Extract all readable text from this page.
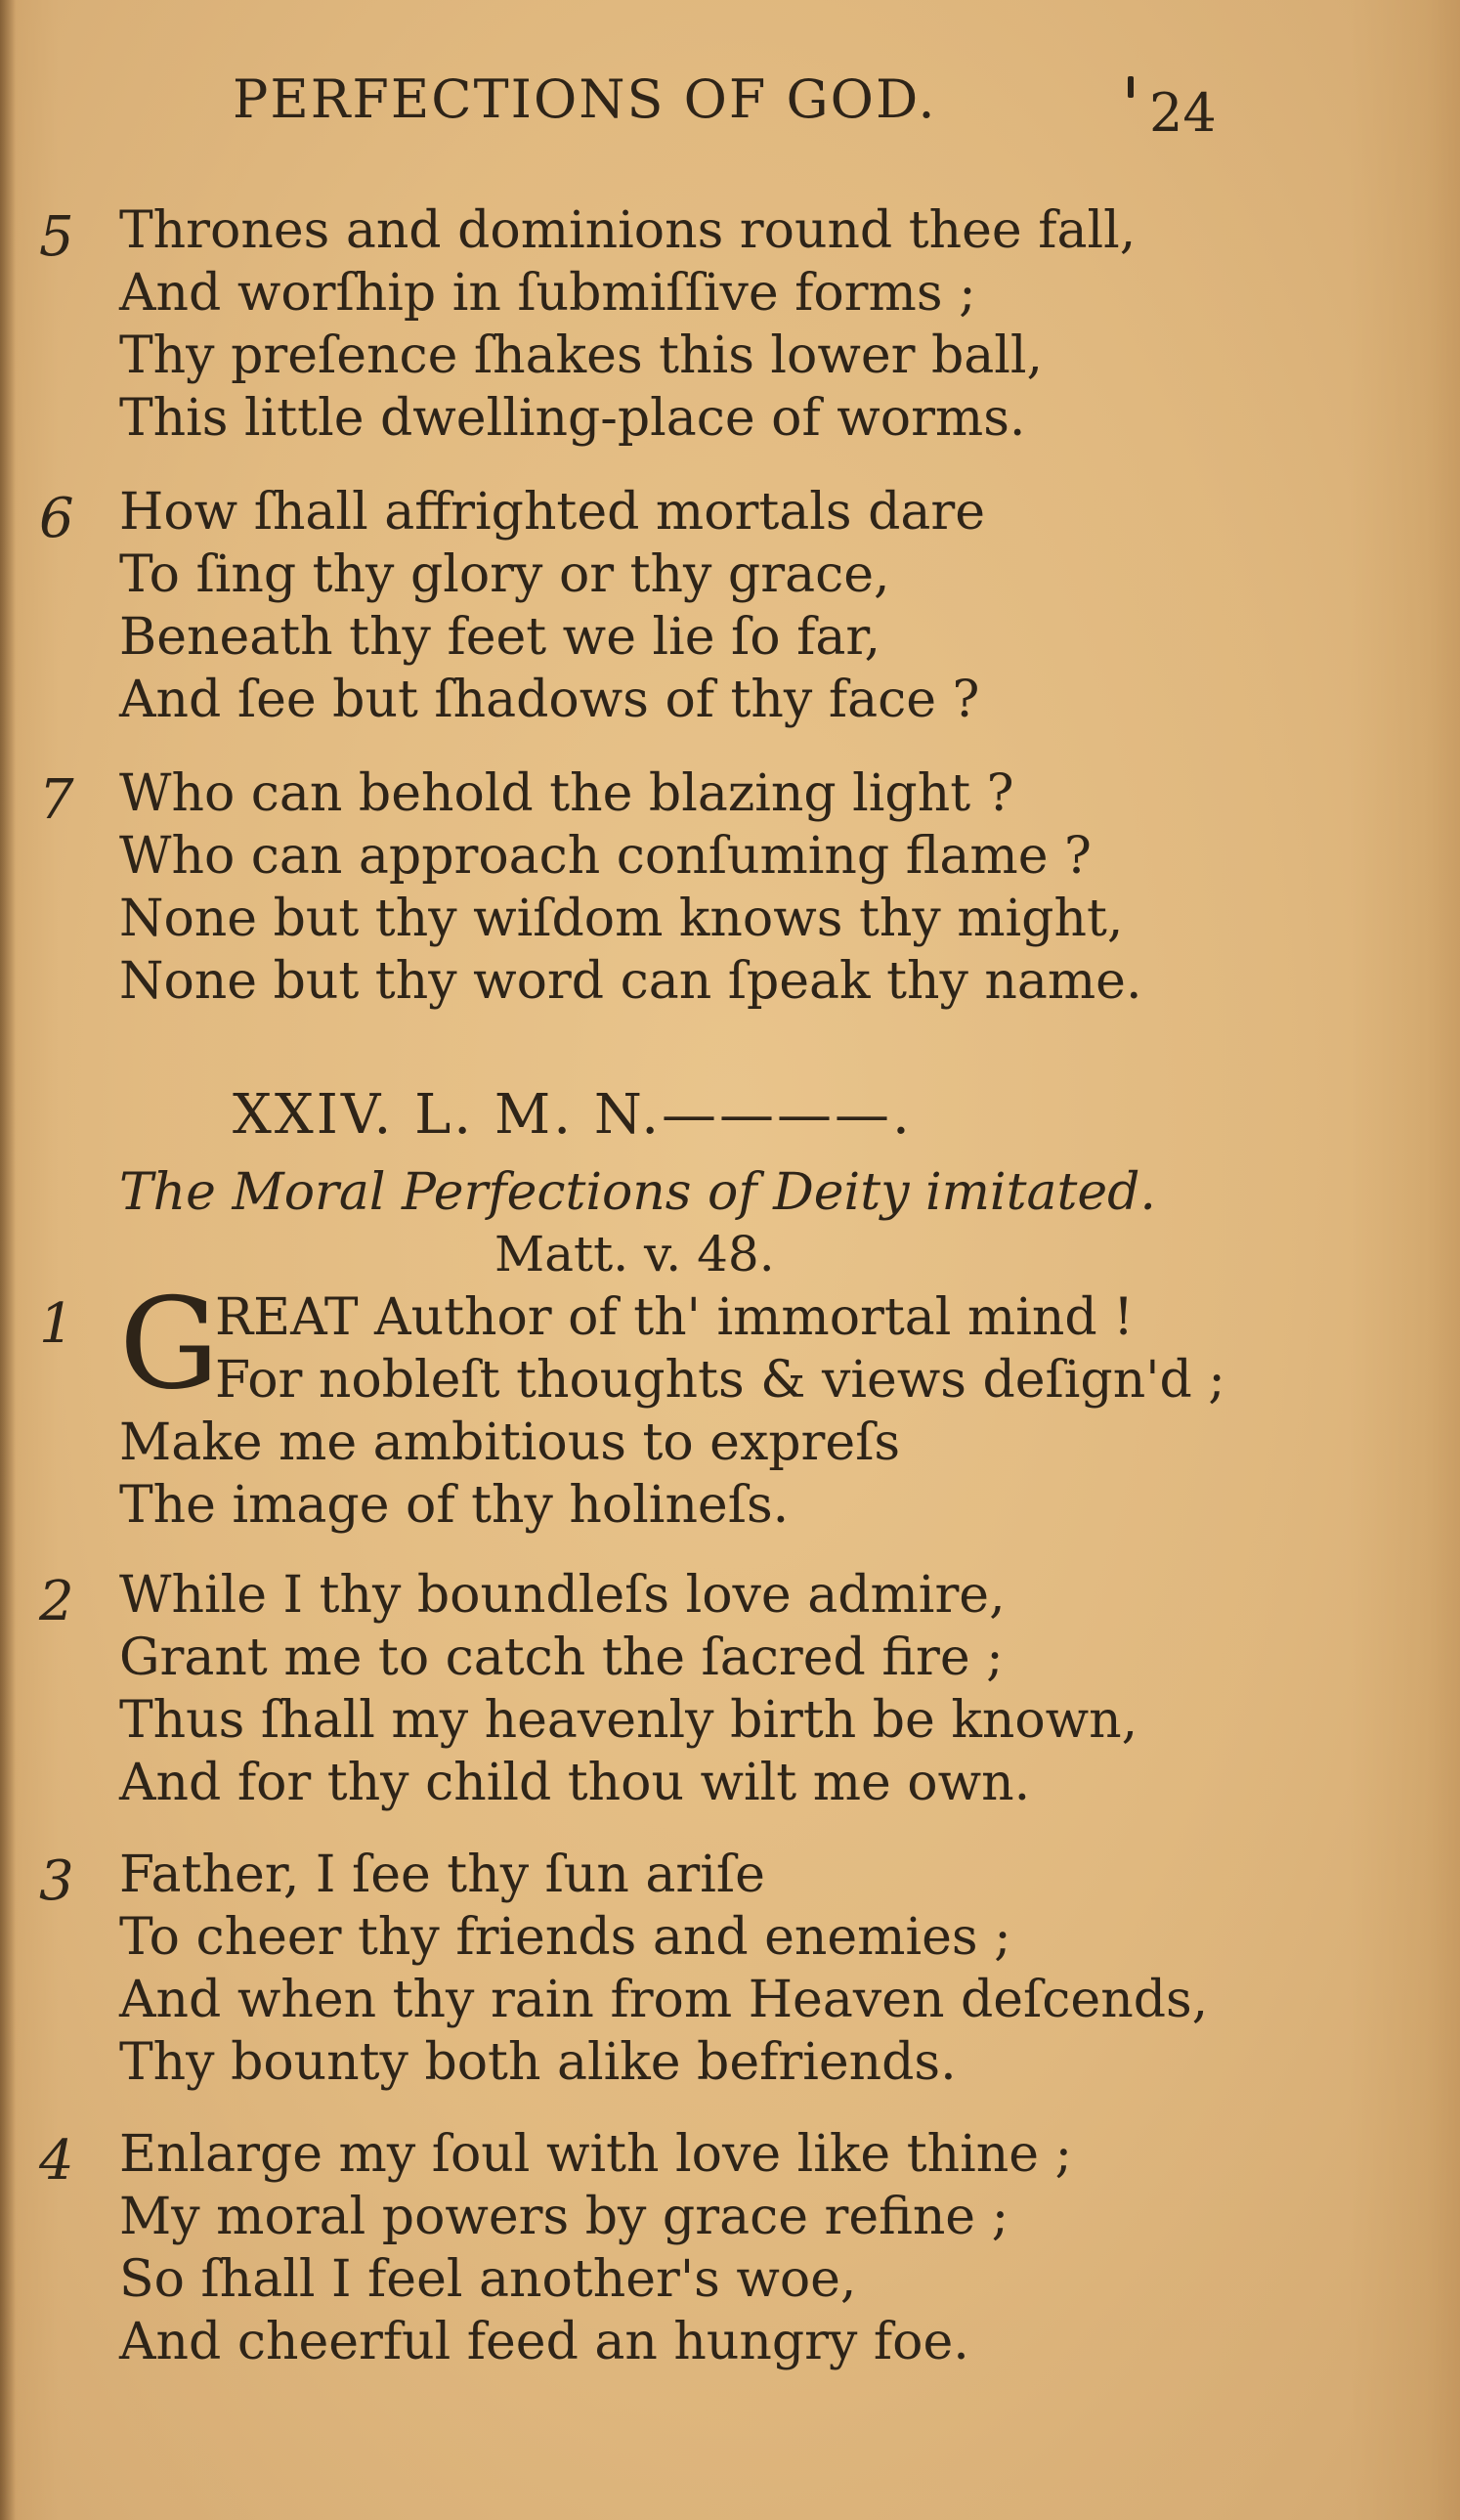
PERFECTIONS OF GOD.	24
5 Thrones and dominions round thee fall,
And worſhip in ſubmiſſive forms ;
Thy preſence ſhakes this lower ball,
This little dwelling-place of worms.
6 How ſhall affrighted mortals dare
To ſing thy glory or thy grace,
Beneath thy feet we lie ſo far,
And ſee but ſhadows of thy face ?
7 Who can behold the blazing light ?
Who can approach conſuming flame ?
None but thy wiſdom knows thy might,
None but thy word can ſpeak thy name.
XXIV. L. M. N.————.
The Moral Perfections of Deity imitated.
Matt. v. 48.
1 G
REAT Author of th' immortal mind !
For nobleſt thoughts & views deſign'd ;
Make me ambitious to expreſs
The image of thy holineſs.
2 While I thy boundleſs love admire,
Grant me to catch the ſacred fire ;
Thus ſhall my heavenly birth be known,
And for thy child thou wilt me own.
3 Father, I ſee thy ſun ariſe
To cheer thy friends and enemies ;
And when thy rain from Heaven deſcends,
Thy bounty both alike befriends.
4 Enlarge my ſoul with love like thine ;
My moral powers by grace refine ;
So ſhall I feel another's woe,
And cheerful feed an hungry foe.
